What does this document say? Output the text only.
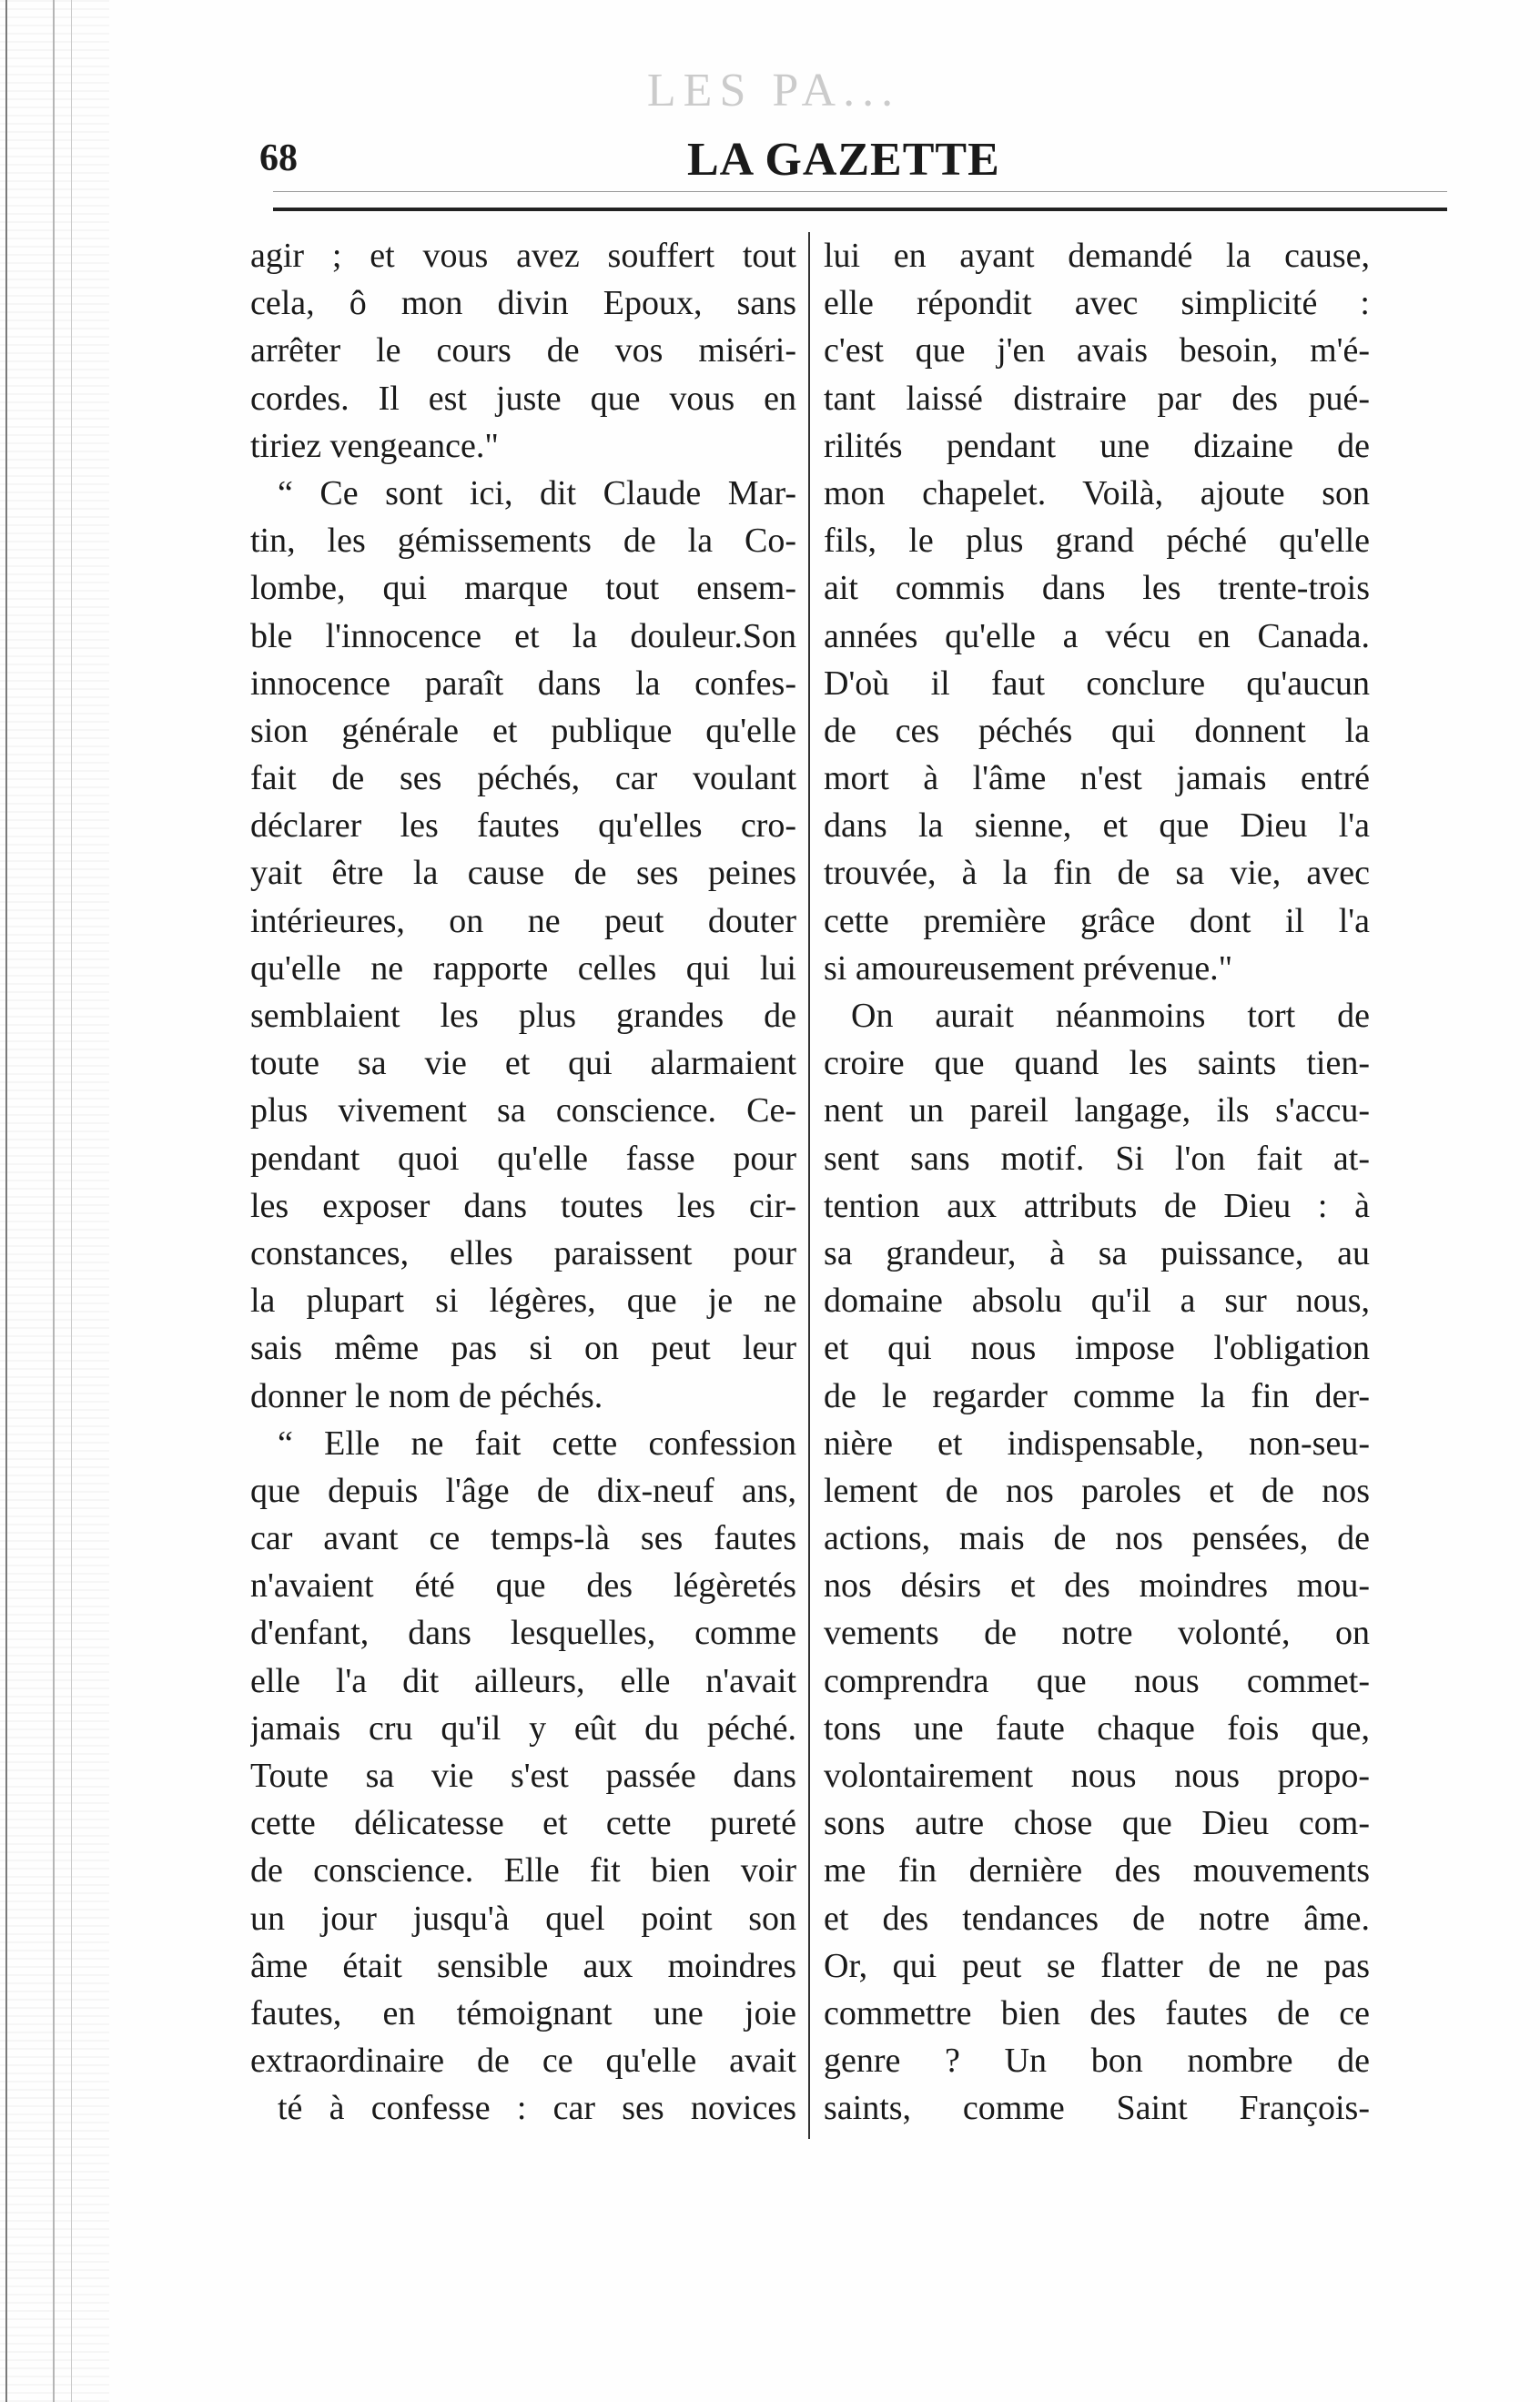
LES PA...
68	LA GAZETTE
agir ; et vous avez souffert tout
cela, ô mon divin Epoux, sans
arrêter le cours de vos miséri-
cordes. Il est juste que vous en
tiriez vengeance."
“ Ce sont ici, dit Claude Mar-
tin, les gémissements de la Co-
lombe, qui marque tout ensem-
ble l'innocence et la douleur.Son
innocence paraît dans la confes-
sion générale et publique qu'elle
fait de ses péchés, car voulant
déclarer les fautes qu'elles cro-
yait être la cause de ses peines
intérieures, on ne peut douter
qu'elle ne rapporte celles qui lui
semblaient les plus grandes de
toute sa vie et qui alarmaient
plus vivement sa conscience. Ce-
pendant quoi qu'elle fasse pour
les exposer dans toutes les cir-
constances, elles paraissent pour
la plupart si légères, que je ne
sais même pas si on peut leur
donner le nom de péchés.
“ Elle ne fait cette confession
que depuis l'âge de dix-neuf ans,
car avant ce temps-là ses fautes
n'avaient été que des légèretés
d'enfant, dans lesquelles, comme
elle l'a dit ailleurs, elle n'avait
jamais cru qu'il y eût du péché.
Toute sa vie s'est passée dans
cette délicatesse et cette pureté
de conscience. Elle fit bien voir
un jour jusqu'à quel point son
âme était sensible aux moindres
fautes, en témoignant une joie
extraordinaire de ce qu'elle avait
té à confesse : car ses novices
lui en ayant demandé la cause,
elle répondit avec simplicité :
c'est que j'en avais besoin, m'é-
tant laissé distraire par des pué-
rilités pendant une dizaine de
mon chapelet. Voilà, ajoute son
fils, le plus grand péché qu'elle
ait commis dans les trente-trois
années qu'elle a vécu en Canada.
D'où il faut conclure qu'aucun
de ces péchés qui donnent la
mort à l'âme n'est jamais entré
dans la sienne, et que Dieu l'a
trouvée, à la fin de sa vie, avec
cette première grâce dont il l'a
si amoureusement prévenue."
On aurait néanmoins tort de
croire que quand les saints tien-
nent un pareil langage, ils s'accu-
sent sans motif. Si l'on fait at-
tention aux attributs de Dieu : à
sa grandeur, à sa puissance, au
domaine absolu qu'il a sur nous,
et qui nous impose l'obligation
de le regarder comme la fin der-
nière et indispensable, non-seu-
lement de nos paroles et de nos
actions, mais de nos pensées, de
nos désirs et des moindres mou-
vements de notre volonté, on
comprendra que nous commet-
tons une faute chaque fois que,
volontairement nous nous propo-
sons autre chose que Dieu com-
me fin dernière des mouvements
et des tendances de notre âme.
Or, qui peut se flatter de ne pas
commettre bien des fautes de ce
genre ? Un bon nombre de
saints, comme Saint François-
